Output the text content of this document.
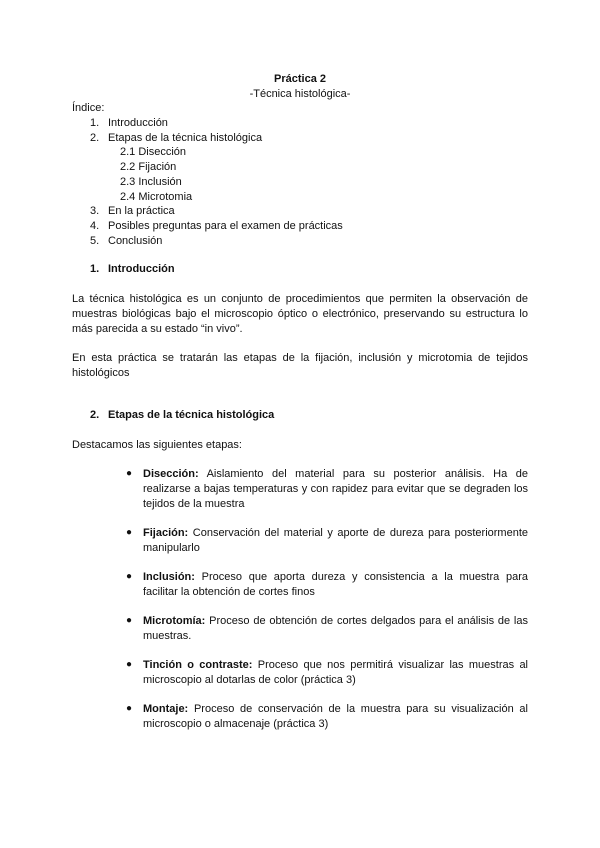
Práctica 2
-Técnica histológica-
Índice:
1. Introducción
2. Etapas de la técnica histológica
2.1 Disección
2.2 Fijación
2.3 Inclusión
2.4 Microtomia
3. En la práctica
4. Posibles preguntas para el examen de prácticas
5. Conclusión
1. Introducción
La técnica histológica es un conjunto de procedimientos que permiten la observación de muestras biológicas bajo el microscopio óptico o electrónico, preservando su estructura lo más parecida a su estado “in vivo”.
En esta práctica se tratarán las etapas de la fijación, inclusión y microtomia de tejidos histológicos
2. Etapas de la técnica histológica
Destacamos las siguientes etapas:
● Disección: Aislamiento del material para su posterior análisis. Ha de realizarse a bajas temperaturas y con rapidez para evitar que se degraden los tejidos de la muestra
● Fijación: Conservación del material y aporte de dureza para posteriormente manipularlo
● Inclusión: Proceso que aporta dureza y consistencia a la muestra para facilitar la obtención de cortes finos
● Microtomía: Proceso de obtención de cortes delgados para el análisis de las muestras.
● Tinción o contraste: Proceso que nos permitirá visualizar las muestras al microscopio al dotarlas de color (práctica 3)
● Montaje: Proceso de conservación de la muestra para su visualización al microscopio o almacenaje (práctica 3)
